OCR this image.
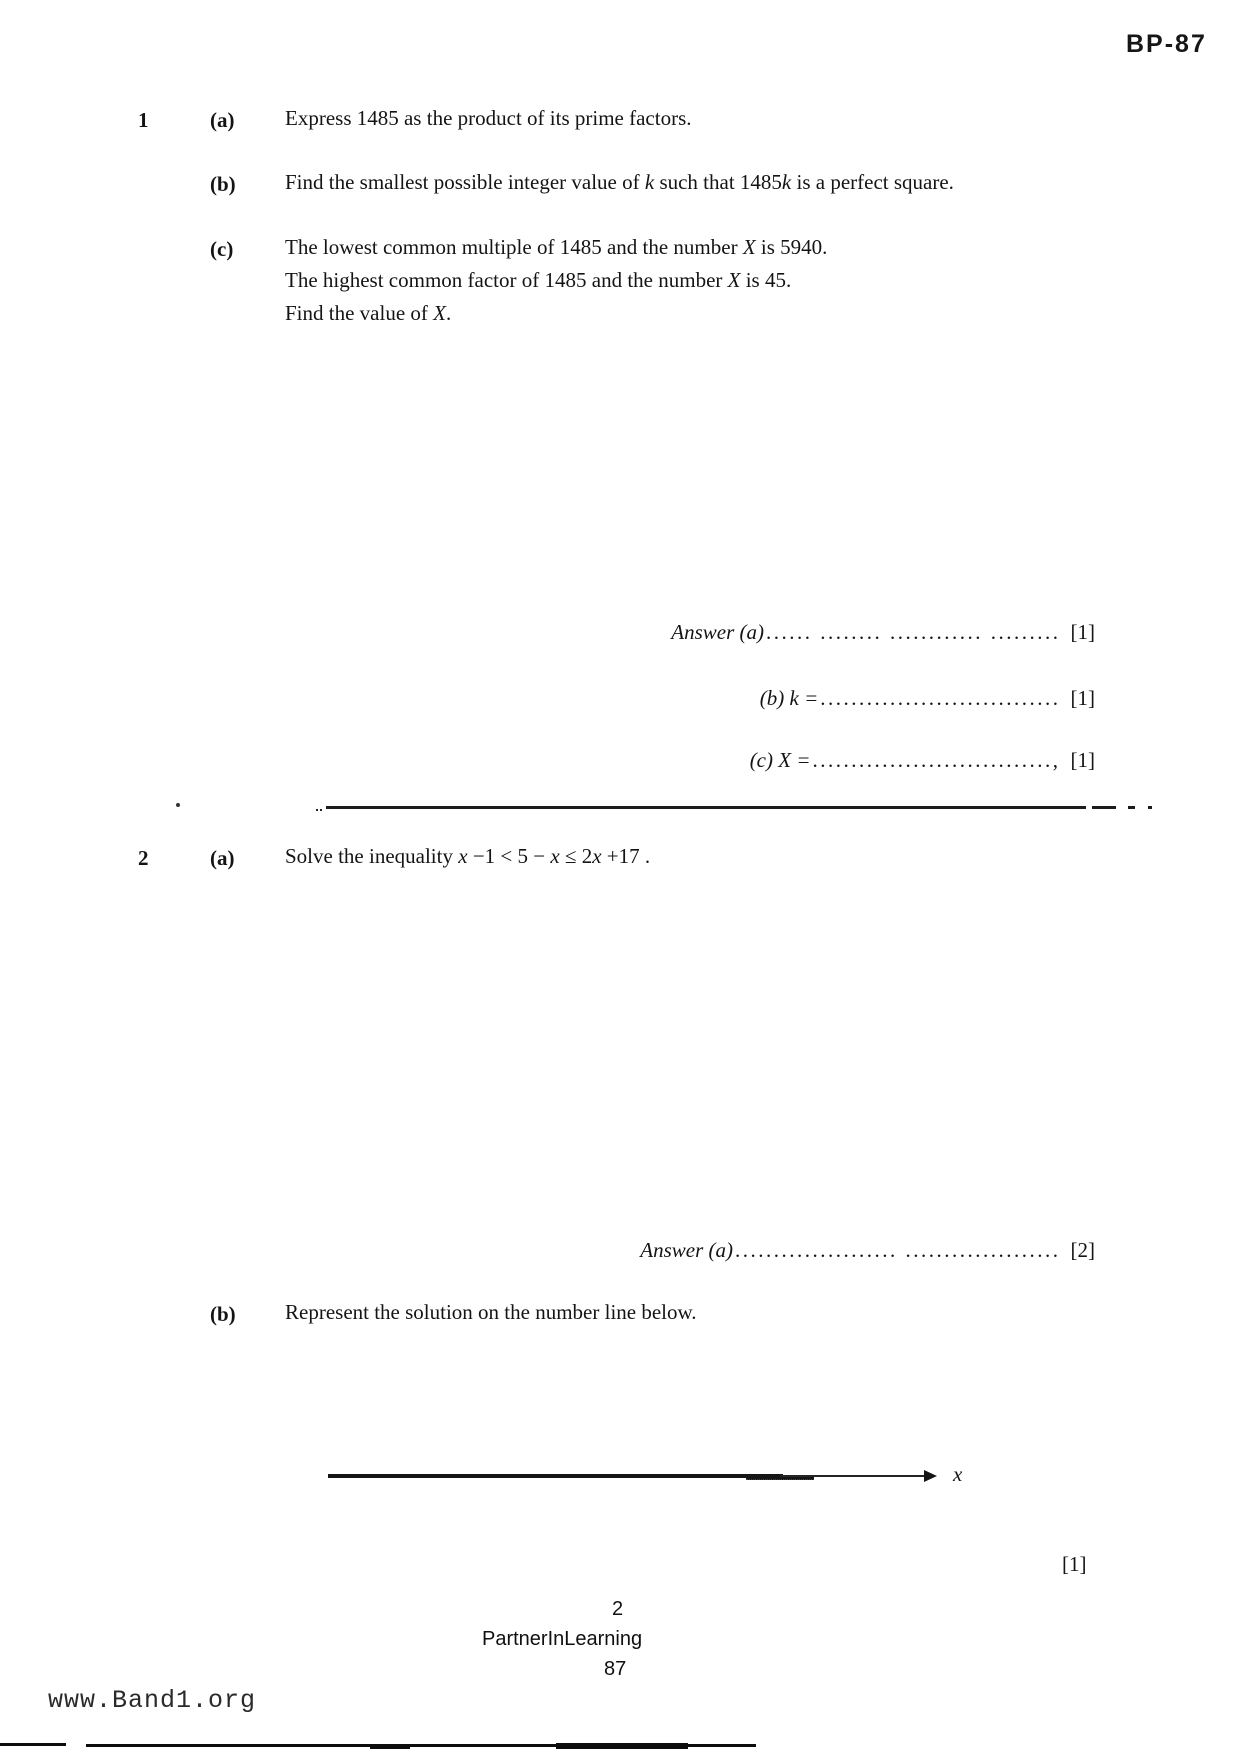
BP-87
1	(a) Express 1485 as the product of its prime factors.
(b) Find the smallest possible integer value of k such that 1485k is a perfect square.
(c) The lowest common multiple of 1485 and the number X is 5940.
The highest common factor of 1485 and the number X is 45.
Find the value of X.
Answer (a) ...... ........ ............ ......... [1]
(b) k = ............................... [1]
(c) X = ..............................., [1]
2	(a) Solve the inequality x −1 < 5 − x ≤ 2x +17 .
Answer (a) ..................... .................... [2]
(b) Represent the solution on the number line below.
x
[1]
2
PartnerInLearning
87
www.Band1.org
